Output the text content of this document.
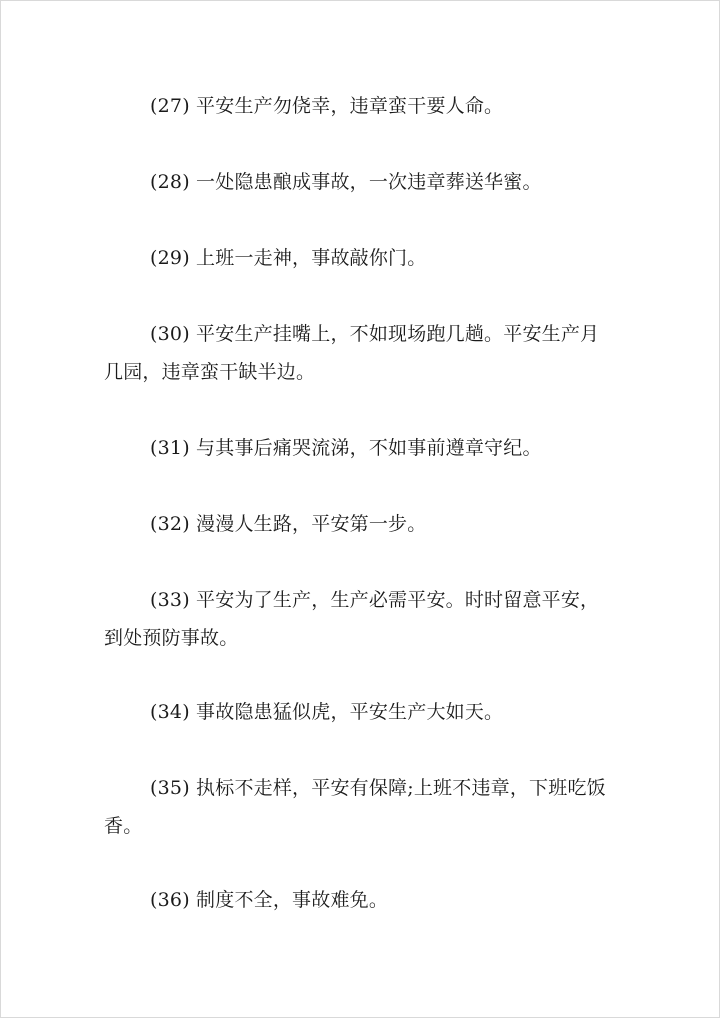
(27) 平安生产勿侥幸，违章蛮干要人命。

(28) 一处隐患酿成事故，一次违章葬送华蜜。

(29) 上班一走神，事故敲你门。

(30) 平安生产挂嘴上，不如现场跑几趟。平安生产月几园，违章蛮干缺半边。

(31) 与其事后痛哭流涕，不如事前遵章守纪。

(32) 漫漫人生路，平安第一步。

(33) 平安为了生产，生产必需平安。时时留意平安，到处预防事故。

(34) 事故隐患猛似虎，平安生产大如天。

(35) 执标不走样，平安有保障;上班不违章，下班吃饭香。

(36) 制度不全，事故难免。
